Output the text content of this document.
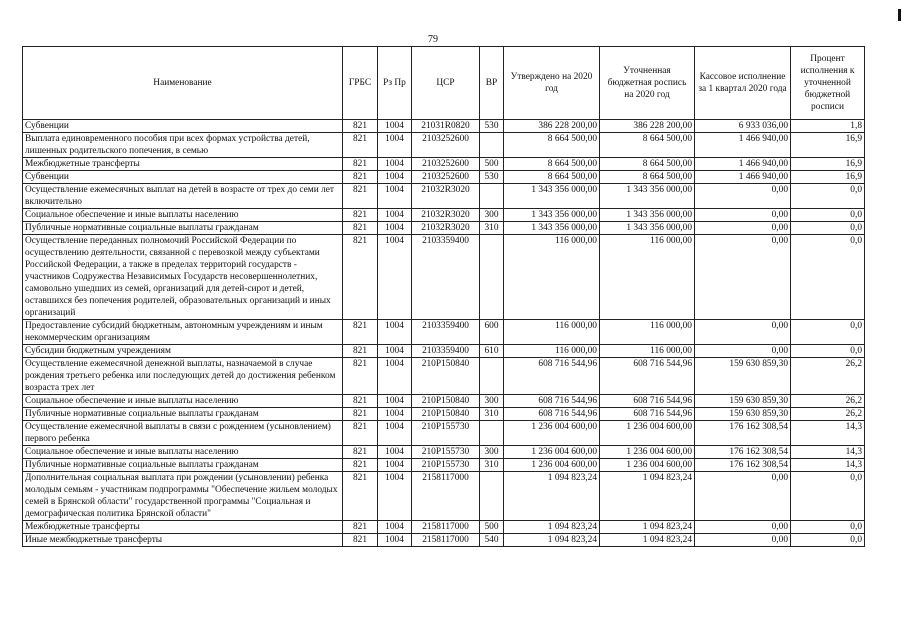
79
Наименование	ГРБС	Рз Пр	ЦСР	ВР	Утверждено на 2020 год	Уточненная бюджетная роспись на 2020 год	Кассовое исполнение за 1 квартал 2020 года	Процент исполнения к уточненной бюджетной росписи
Субвенции	821	1004	21031R0820	530	386 228 200,00	386 228 200,00	6 933 036,00	1,8
Выплата единовременного пособия при всех формах устройства детей, лишенных родительского попечения, в семью	821	1004	2103252600		8 664 500,00	8 664 500,00	1 466 940,00	16,9
Межбюджетные трансферты	821	1004	2103252600	500	8 664 500,00	8 664 500,00	1 466 940,00	16,9
Субвенции	821	1004	2103252600	530	8 664 500,00	8 664 500,00	1 466 940,00	16,9
Осуществление ежемесячных выплат на детей в возрасте от трех до семи лет включительно	821	1004	21032R3020		1 343 356 000,00	1 343 356 000,00	0,00	0,0
Социальное обеспечение и иные выплаты населению	821	1004	21032R3020	300	1 343 356 000,00	1 343 356 000,00	0,00	0,0
Публичные нормативные социальные выплаты гражданам	821	1004	21032R3020	310	1 343 356 000,00	1 343 356 000,00	0,00	0,0
Осуществление переданных полномочий Российской Федерации по осуществлению деятельности, связанной с перевозкой между субъектами Российской Федерации, а также в пределах территорий государств - участников Содружества Независимых Государств несовершеннолетних, самовольно ушедших из семей, организаций для детей-сирот и детей, оставшихся без попечения родителей, образовательных организаций и иных организаций	821	1004	2103359400		116 000,00	116 000,00	0,00	0,0
Предоставление субсидий бюджетным, автономным учреждениям и иным некоммерческим организациям	821	1004	2103359400	600	116 000,00	116 000,00	0,00	0,0
Субсидии бюджетным учреждениям	821	1004	2103359400	610	116 000,00	116 000,00	0,00	0,0
Осуществление ежемесячной денежной выплаты, назначаемой в случае рождения третьего ребенка или последующих детей до достижения ребенком возраста трех лет	821	1004	210P150840		608 716 544,96	608 716 544,96	159 630 859,30	26,2
Социальное обеспечение и иные выплаты населению	821	1004	210P150840	300	608 716 544,96	608 716 544,96	159 630 859,30	26,2
Публичные нормативные социальные выплаты гражданам	821	1004	210P150840	310	608 716 544,96	608 716 544,96	159 630 859,30	26,2
Осуществление ежемесячной выплаты в связи с рождением (усыновлением) первого ребенка	821	1004	210P155730		1 236 004 600,00	1 236 004 600,00	176 162 308,54	14,3
Социальное обеспечение и иные выплаты населению	821	1004	210P155730	300	1 236 004 600,00	1 236 004 600,00	176 162 308,54	14,3
Публичные нормативные социальные выплаты гражданам	821	1004	210P155730	310	1 236 004 600,00	1 236 004 600,00	176 162 308,54	14,3
Дополнительная социальная выплата при рождении (усыновлении) ребенка молодым семьям - участникам подпрограммы "Обеспечение жильем молодых семей в Брянской области" государственной программы "Социальная и демографическая политика Брянской области"	821	1004	2158117000		1 094 823,24	1 094 823,24	0,00	0,0
Межбюджетные трансферты	821	1004	2158117000	500	1 094 823,24	1 094 823,24	0,00	0,0
Иные межбюджетные трансферты	821	1004	2158117000	540	1 094 823,24	1 094 823,24	0,00	0,0
